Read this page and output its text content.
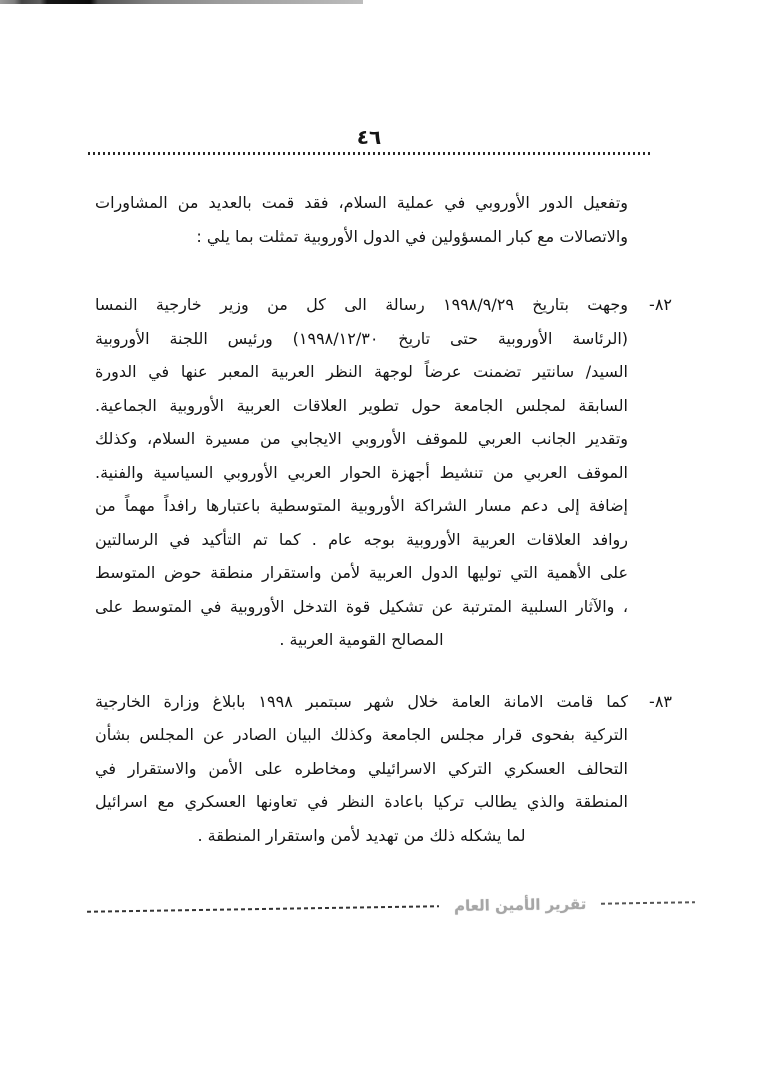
٤٦
وتفعيل الدور الأوروبي في عملية السلام، فقد قمت بالعديد من المشاورات
والاتصالات مع كبار المسؤولين في الدول الأوروبية تمثلت بما يلي :
٨٢-
وجهت بتاريخ ١٩٩٨/٩/٢٩ رسالة الى كل من وزير خارجية النمسا
(الرئاسة الأوروبية حتى تاريخ ١٩٩٨/١٢/٣٠) ورئيس اللجنة الأوروبية
السيد/ سانتير تضمنت عرضاً لوجهة النظر العربية المعبر عنها في الدورة
السابقة لمجلس الجامعة حول تطوير العلاقات العربية الأوروبية الجماعية.
وتقدير الجانب العربي للموقف الأوروبي الايجابي من مسيرة السلام، وكذلك
الموقف العربي من تنشيط أجهزة الحوار العربي الأوروبي السياسية والفنية.
إضافة إلى دعم مسار الشراكة الأوروبية المتوسطية باعتبارها رافداً مهماً من
روافد العلاقات العربية الأوروبية بوجه عام . كما تم التأكيد في الرسالتين
على الأهمية التي توليها الدول العربية لأمن واستقرار منطقة حوض المتوسط
، والآثار السلبية المترتبة عن تشكيل قوة التدخل الأوروبية في المتوسط على
المصالح القومية العربية .
٨٣-
كما قامت الامانة العامة خلال شهر سبتمبر ١٩٩٨ بابلاغ وزارة الخارجية
التركية بفحوى قرار مجلس الجامعة وكذلك البيان الصادر عن المجلس بشأن
التحالف العسكري التركي الاسرائيلي ومخاطره على الأمن والاستقرار في
المنطقة والذي يطالب تركيا باعادة النظر في تعاونها العسكري مع اسرائيل
لما يشكله ذلك من تهديد لأمن واستقرار المنطقة .
تقرير الأمين العام
